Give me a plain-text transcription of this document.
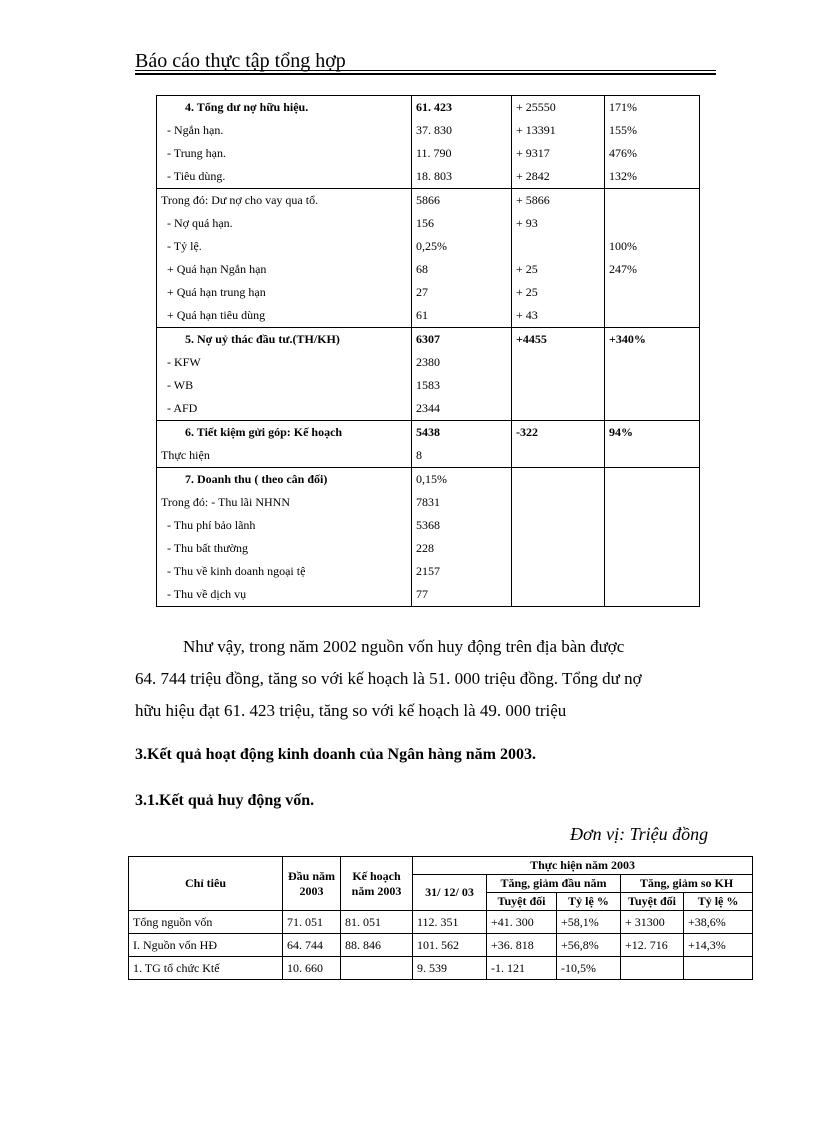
Báo cáo thực tập tổng hợp
4. Tổng dư nợ hữu hiệu.	61. 423	+ 25550	171%
- Ngắn hạn.	37. 830	+ 13391	155%
- Trung hạn.	11. 790	+ 9317	476%
- Tiêu dùng.	18. 803	+ 2842	132%
Trong đó: Dư nợ cho vay qua tổ.	5866	+ 5866	
- Nợ quá hạn.	156	+ 93	
- Tỷ lệ.	0,25%		100%
+ Quá hạn Ngắn hạn	68	+ 25	247%
+ Quá hạn trung hạn	27	+ 25	
+ Quá hạn tiêu dùng	61	+ 43	
5. Nợ uỷ thác đầu tư.(TH/KH)	6307	+4455	+340%
- KFW	2380		
- WB	1583		
- AFD	2344		
6. Tiết kiệm gửi góp: Kế hoạch	5438	-322	94%
Thực hiện	8		
7. Doanh thu ( theo cân đối)	0,15%		
Trong đó: - Thu lãi NHNN	7831		
- Thu phí bảo lãnh	5368		
- Thu bất thường	228		
- Thu về kinh doanh ngoại tệ	2157		
- Thu về dịch vụ	77		
Như vậy, trong năm 2002 nguồn vốn huy động trên địa bàn được
64. 744 triệu đồng, tăng so với kế hoạch là 51. 000 triệu đồng. Tổng dư nợ
hữu hiệu đạt 61. 423 triệu, tăng so với kế hoạch là 49. 000 triệu
3.Kết quả hoạt động kinh doanh của Ngân hàng năm 2003.
3.1.Kết quả huy động vốn.
Đơn vị: Triệu đồng
Chỉ tiêu	Đầu năm 2003	Kế hoạch năm 2003	Thực hiện năm 2003				
			31/ 12/ 03	Tăng, giảm đầu năm		Tăng, giảm so KH	
				Tuyệt đối	Tỷ lệ %	Tuyệt đối	Tỷ lệ %
Tổng nguồn vốn	71. 051	81. 051	112. 351	+41. 300	+58,1%	+ 31300	+38,6%
I. Nguồn vốn HĐ	64. 744	88. 846	101. 562	+36. 818	+56,8%	+12. 716	+14,3%
1. TG tổ chức Ktế	10. 660		9. 539	-1. 121	-10,5%		
